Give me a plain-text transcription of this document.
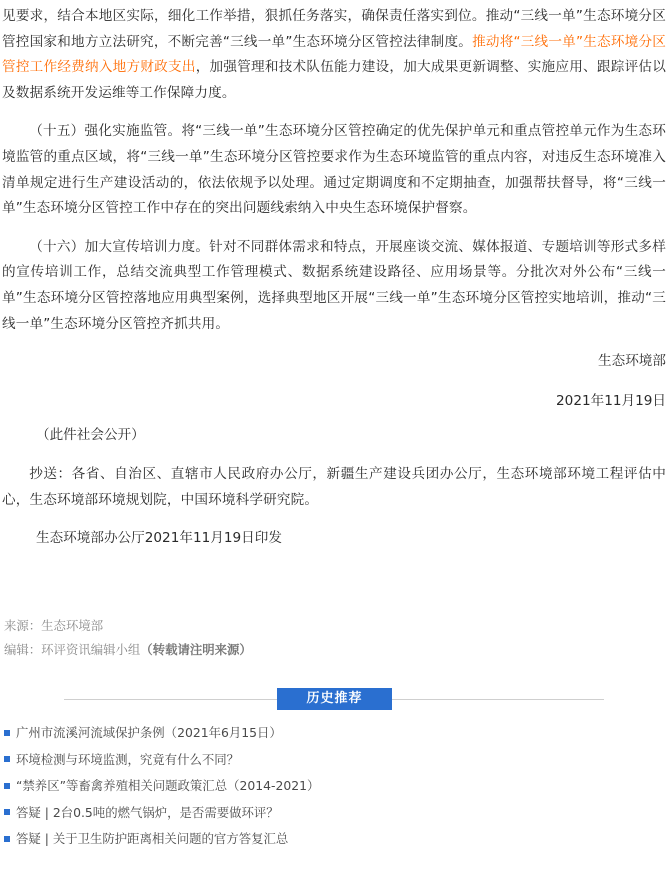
见要求，结合本地区实际，细化工作举措，狠抓任务落实，确保责任落实到位。推动“三线一单”生态环境分区管控国家和地方立法研究，不断完善“三线一单”生态环境分区管控法律制度。推动将“三线一单”生态环境分区管控工作经费纳入地方财政支出，加强管理和技术队伍能力建设，加大成果更新调整、实施应用、跟踪评估以及数据系统开发运维等工作保障力度。

（十五）强化实施监管。将“三线一单”生态环境分区管控确定的优先保护单元和重点管控单元作为生态环境监管的重点区域，将“三线一单”生态环境分区管控要求作为生态环境监管的重点内容，对违反生态环境准入清单规定进行生产建设活动的，依法依规予以处理。通过定期调度和不定期抽查，加强帮扶督导，将“三线一单”生态环境分区管控工作中存在的突出问题线索纳入中央生态环境保护督察。

（十六）加大宣传培训力度。针对不同群体需求和特点，开展座谈交流、媒体报道、专题培训等形式多样的宣传培训工作，总结交流典型工作管理模式、数据系统建设路径、应用场景等。分批次对外公布“三线一单”生态环境分区管控落地应用典型案例，选择典型地区开展“三线一单”生态环境分区管控实地培训，推动“三线一单”生态环境分区管控齐抓共用。

生态环境部

2021年11月19日

（此件社会公开）

抄送：各省、自治区、直辖市人民政府办公厅，新疆生产建设兵团办公厅，生态环境部环境工程评估中心，生态环境部环境规划院，中国环境科学研究院。

生态环境部办公厅2021年11月19日印发

来源：生态环境部
编辑：环评资讯编辑小组（转载请注明来源）
历史推荐
广州市流溪河流域保护条例（2021年6月15日）
环境检测与环境监测，究竟有什么不同？
“禁养区”等畜禽养殖相关问题政策汇总（2014-2021）
答疑 | 2台0.5吨的燃气锅炉，是否需要做环评？
答疑 | 关于卫生防护距离相关问题的官方答复汇总
